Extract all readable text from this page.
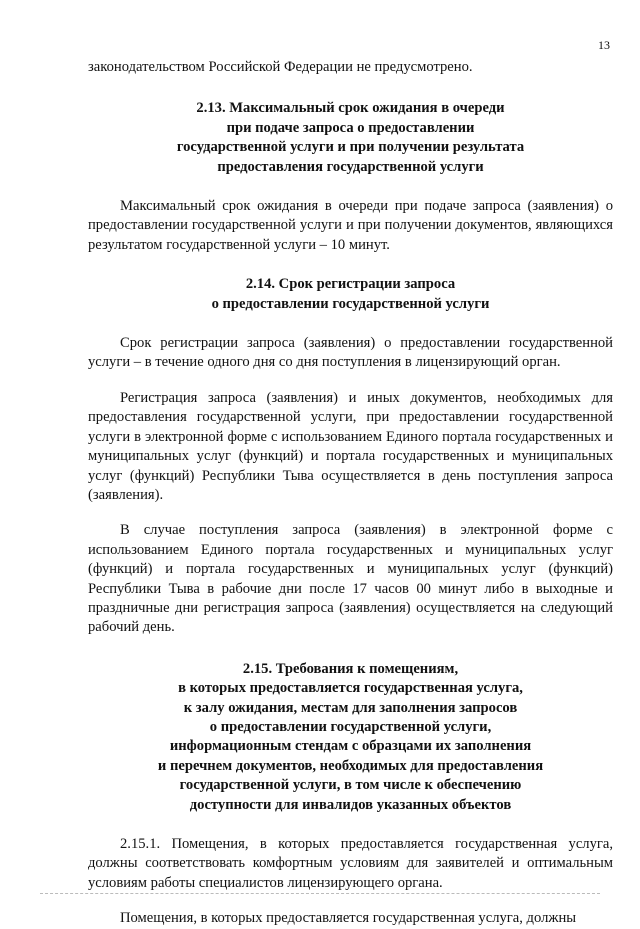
13

законодательством Российской Федерации не предусмотрено.

2.13. Максимальный срок ожидания в очереди
при подаче запроса о предоставлении
государственной услуги и при получении результата
предоставления государственной услуги

Максимальный срок ожидания в очереди при подаче запроса (заявления) о предоставлении государственной услуги и при получении документов, являющихся результатом государственной услуги – 10 минут.

2.14. Срок регистрации запроса
о предоставлении государственной услуги

Срок регистрации запроса (заявления) о предоставлении государственной услуги – в течение одного дня со дня поступления в лицензирующий орган.

Регистрация запроса (заявления) и иных документов, необходимых для предоставления государственной услуги, при предоставлении государственной услуги в электронной форме с использованием Единого портала государственных и муниципальных услуг (функций) и портала государственных и муниципальных услуг (функций) Республики Тыва осуществляется в день поступления запроса (заявления).

В случае поступления запроса (заявления) в электронной форме с использованием Единого портала государственных и муниципальных услуг (функций) и портала государственных и муниципальных услуг (функций) Республики Тыва в рабочие дни после 17 часов 00 минут либо в выходные и праздничные дни регистрация запроса (заявления) осуществляется на следующий рабочий день.

2.15. Требования к помещениям,
в которых предоставляется государственная услуга,
к залу ожидания, местам для заполнения запросов
о предоставлении государственной услуги,
информационным стендам с образцами их заполнения
и перечнем документов, необходимых для предоставления
государственной услуги, в том числе к обеспечению
доступности для инвалидов указанных объектов

2.15.1. Помещения, в которых предоставляется государственная услуга, должны соответствовать комфортным условиям для заявителей и оптимальным условиям работы специалистов лицензирующего органа.

Помещения, в которых предоставляется государственная услуга, должны
